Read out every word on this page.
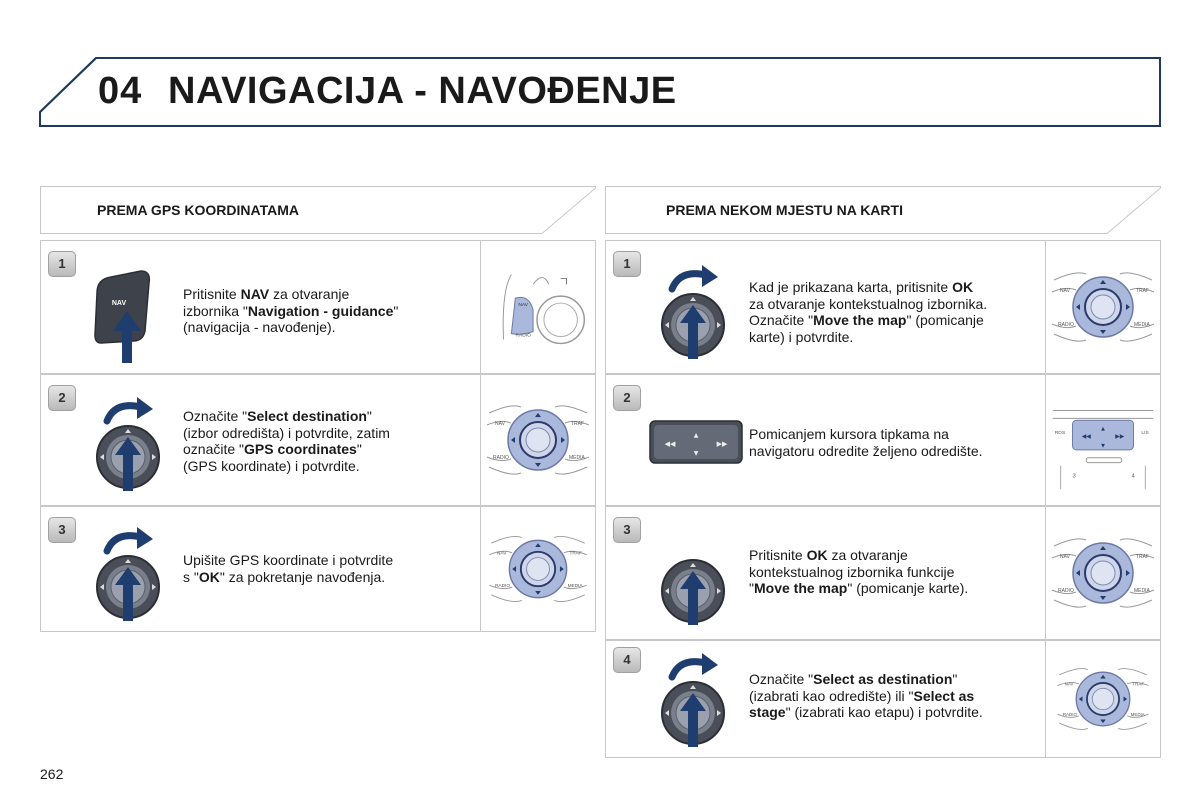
04 NAVIGACIJA - NAVOĐENJE
PREMA GPS KOORDINATAMA	PREMA NEKOM MJESTU NA KARTI
1
NAV
Pritisnite NAV za otvaranje
izbornika "Navigation - guidance"
(navigacija - navođenje).
NAV
RADIO
2
Označite "Select destination"
(izbor odredišta) i potvrdite, zatim
označite "GPS coordinates"
(GPS koordinate) i potvrdite.
NAV	TRAF
RADIO	MEDIA
3
Upišite GPS koordinate i potvrdite
s "OK" za pokretanje navođenja.
NAV	TRAF
RADIO	MEDIA
1
Kad je prikazana karta, pritisnite OK
za otvaranje kontekstualnog izbornika.
Označite "Move the map" (pomicanje
karte) i potvrdite.
NAV	TRAF
RADIO	MEDIA
2
◀◀
▲
▶▶
▼
Pomicanjem kursora tipkama na
navigatoru odredite željeno odredište.
◀◀
▲
▶▶
▼
RDS	LIS
3	4
3
Pritisnite OK za otvaranje
kontekstualnog izbornika funkcije
"Move the map" (pomicanje karte).
NAV	TRAF
RADIO	MEDIA
4
Označite "Select as destination"
(izabrati kao odredište) ili "Select as
stage" (izabrati kao etapu) i potvrdite.
NAV	TRAF
RADIO	MEDIA
262
